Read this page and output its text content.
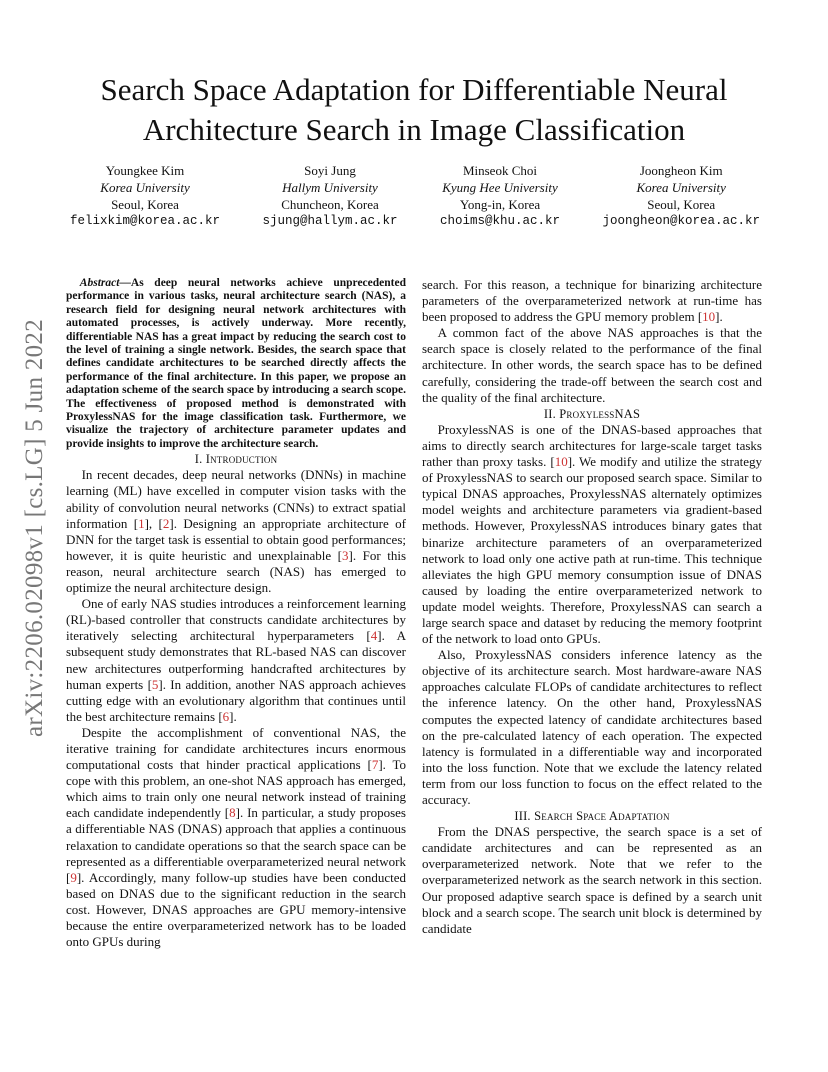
Search Space Adaptation for Differentiable Neural Architecture Search in Image Classification
Youngkee Kim
Korea University
Seoul, Korea
felixkim@korea.ac.kr
Soyi Jung
Hallym University
Chuncheon, Korea
sjung@hallym.ac.kr
Minseok Choi
Kyung Hee University
Yong-in, Korea
choims@khu.ac.kr
Joongheon Kim
Korea University
Seoul, Korea
joongheon@korea.ac.kr
arXiv:2206.02098v1 [cs.LG] 5 Jun 2022

Abstract—As deep neural networks achieve unprecedented performance in various tasks, neural architecture search (NAS), a research field for designing neural network architectures with automated processes, is actively underway. More recently, differentiable NAS has a great impact by reducing the search cost to the level of training a single network. Besides, the search space that defines candidate architectures to be searched directly affects the performance of the final architecture. In this paper, we propose an adaptation scheme of the search space by introducing a search scope. The effectiveness of proposed method is demonstrated with ProxylessNAS for the image classification task. Furthermore, we visualize the trajectory of architecture parameter updates and provide insights to improve the architecture search.

I. Introduction

In recent decades, deep neural networks (DNNs) in machine learning (ML) have excelled in computer vision tasks with the ability of convolution neural networks (CNNs) to extract spatial information [1], [2]. Designing an appropriate architecture of DNN for the target task is essential to obtain good performances; however, it is quite heuristic and unexplainable [3]. For this reason, neural architecture search (NAS) has emerged to optimize the neural architecture design.

One of early NAS studies introduces a reinforcement learning (RL)-based controller that constructs candidate architectures by iteratively selecting architectural hyperparameters [4]. A subsequent study demonstrates that RL-based NAS can discover new architectures outperforming handcrafted architectures by human experts [5]. In addition, another NAS approach achieves cutting edge with an evolutionary algorithm that continues until the best architecture remains [6].

Despite the accomplishment of conventional NAS, the iterative training for candidate architectures incurs enormous computational costs that hinder practical applications [7]. To cope with this problem, an one-shot NAS approach has emerged, which aims to train only one neural network instead of training each candidate independently [8]. In particular, a study proposes a differentiable NAS (DNAS) approach that applies a continuous relaxation to candidate operations so that the search space can be represented as a differentiable overparameterized neural network [9]. Accordingly, many follow-up studies have been conducted based on DNAS due to the significant reduction in the search cost. However, DNAS approaches are GPU memory-intensive because the entire overparameterized network has to be loaded onto GPUs during

search. For this reason, a technique for binarizing architecture parameters of the overparameterized network at run-time has been proposed to address the GPU memory problem [10].

A common fact of the above NAS approaches is that the search space is closely related to the performance of the final architecture. In other words, the search space has to be defined carefully, considering the trade-off between the search cost and the quality of the final architecture.

II. ProxylessNAS

ProxylessNAS is one of the DNAS-based approaches that aims to directly search architectures for large-scale target tasks rather than proxy tasks. [10]. We modify and utilize the strategy of ProxylessNAS to search our proposed search space. Similar to typical DNAS approaches, ProxylessNAS alternately optimizes model weights and architecture parameters via gradient-based methods. However, ProxylessNAS introduces binary gates that binarize architecture parameters of an overparameterized network to load only one active path at run-time. This technique alleviates the high GPU memory consumption issue of DNAS caused by loading the entire overparameterized network to update model weights. Therefore, ProxylessNAS can search a large search space and dataset by reducing the memory footprint of the network to load onto GPUs.

Also, ProxylessNAS considers inference latency as the objective of its architecture search. Most hardware-aware NAS approaches calculate FLOPs of candidate architectures to reflect the inference latency. On the other hand, ProxylessNAS computes the expected latency of candidate architectures based on the pre-calculated latency of each operation. The expected latency is formulated in a differentiable way and incorporated into the loss function. Note that we exclude the latency related term from our loss function to focus on the effect related to the accuracy.

III. Search Space Adaptation

From the DNAS perspective, the search space is a set of candidate architectures and can be represented as an overparameterized network. Note that we refer to the overparameterized network as the search network in this section. Our proposed adaptive search space is defined by a search unit block and a search scope. The search unit block is determined by candidate
